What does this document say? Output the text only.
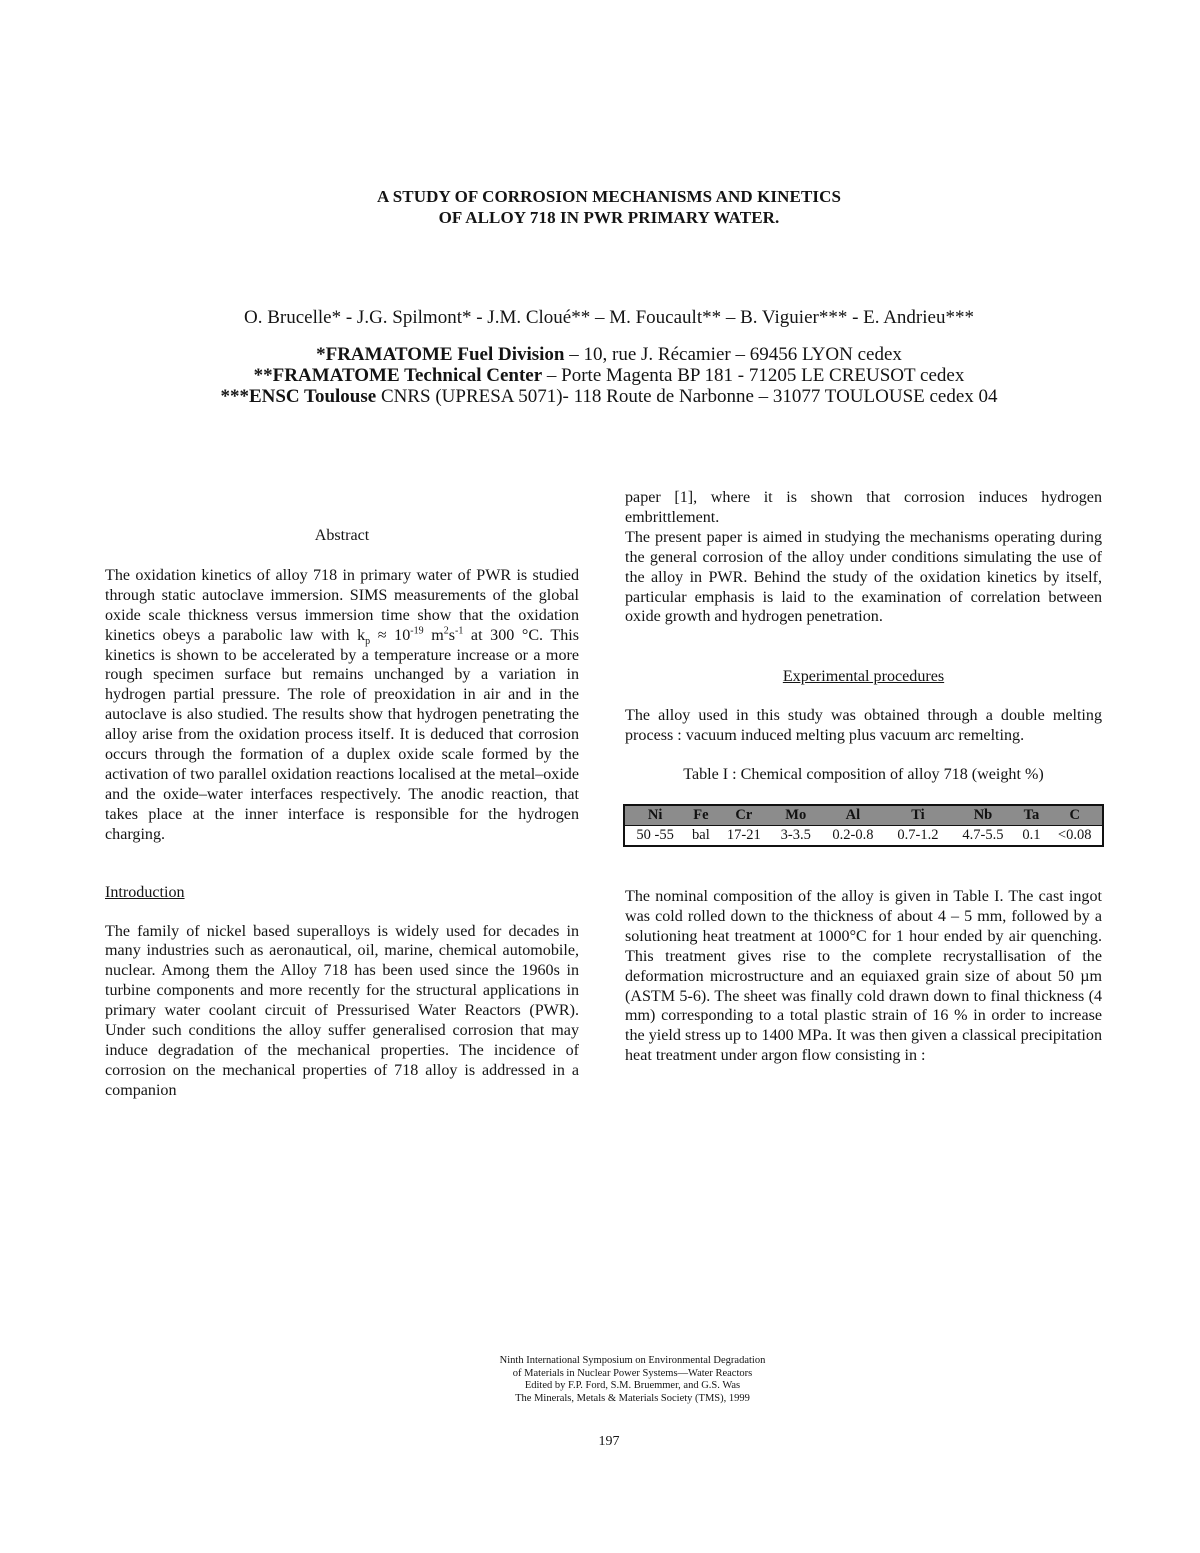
A STUDY OF CORROSION MECHANISMS AND KINETICS
OF ALLOY 718 IN PWR PRIMARY WATER.
O. Brucelle* - J.G. Spilmont* - J.M. Cloué** – M. Foucault** – B. Viguier*** - E. Andrieu***
*FRAMATOME Fuel Division – 10, rue J. Récamier – 69456 LYON cedex
**FRAMATOME Technical Center – Porte Magenta BP 181 - 71205 LE CREUSOT cedex
***ENSC Toulouse CNRS (UPRESA 5071)- 118 Route de Narbonne – 31077 TOULOUSE cedex 04
Abstract

The oxidation kinetics of alloy 718 in primary water of PWR is studied through static autoclave immersion. SIMS measurements of the global oxide scale thickness versus immersion time show that the oxidation kinetics obeys a parabolic law with $k_p \approx 10^{-19}$ $m^2s^{-1}$ at 300 °C. This kinetics is shown to be accelerated by a temperature increase or a more rough specimen surface but remains unchanged by a variation in hydrogen partial pressure. The role of preoxidation in air and in the autoclave is also studied. The results show that hydrogen penetrating the alloy arise from the oxidation process itself. It is deduced that corrosion occurs through the formation of a duplex oxide scale formed by the activation of two parallel oxidation reactions localised at the metal–oxide and the oxide–water interfaces respectively. The anodic reaction, that takes place at the inner interface is responsible for the hydrogen charging.

Introduction

The family of nickel based superalloys is widely used for decades in many industries such as aeronautical, oil, marine, chemical automobile, nuclear. Among them the Alloy 718 has been used since the 1960s in turbine components and more recently for the structural applications in primary water coolant circuit of Pressurised Water Reactors (PWR). Under such conditions the alloy suffer generalised corrosion that may induce degradation of the mechanical properties. The incidence of corrosion on the mechanical properties of 718 alloy is addressed in a companion

paper [1], where it is shown that corrosion induces hydrogen embrittlement.

The present paper is aimed in studying the mechanisms operating during the general corrosion of the alloy under conditions simulating the use of the alloy in PWR. Behind the study of the oxidation kinetics by itself, particular emphasis is laid to the examination of correlation between oxide growth and hydrogen penetration.

Experimental procedures

The alloy used in this study was obtained through a double melting process : vacuum induced melting plus vacuum arc remelting.

Table I : Chemical composition of alloy 718 (weight %)
Ni	Fe	Cr	Mo	Al	Ti	Nb	Ta	C
50 -55	bal	17-21	3-3.5	0.2-0.8	0.7-1.2	4.7-5.5	0.1	<0.08

The nominal composition of the alloy is given in Table I. The cast ingot was cold rolled down to the thickness of about 4 – 5 mm, followed by a solutioning heat treatment at 1000°C for 1 hour ended by air quenching. This treatment gives rise to the complete recrystallisation of the deformation microstructure and an equiaxed grain size of about 50 µm (ASTM 5-6). The sheet was finally cold drawn down to final thickness (4 mm) corresponding to a total plastic strain of 16 % in order to increase the yield stress up to 1400 MPa. It was then given a classical precipitation heat treatment under argon flow consisting in :

Ninth International Symposium on Environmental Degradation
of Materials in Nuclear Power Systems—Water Reactors
Edited by F.P. Ford, S.M. Bruemmer, and G.S. Was
The Minerals, Metals & Materials Society (TMS), 1999
197
